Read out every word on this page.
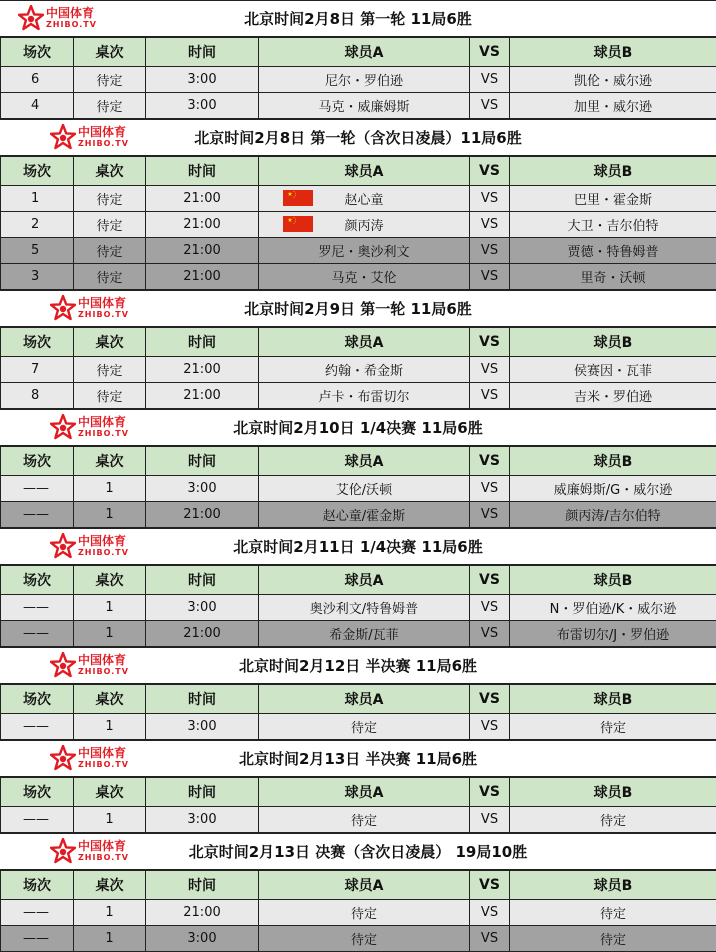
中国体育
ZHIBO.TV	北京时间2月8日 第一轮 11局6胜
场次	桌次	时间	球员A	VS	球员B
6	待定	3:00	尼尔・罗伯逊	VS	凯伦・威尔逊
4	待定	3:00	马克・威廉姆斯	VS	加里・威尔逊
中国体育
ZHIBO.TV	北京时间2月8日 第一轮（含次日凌晨）11局6胜
场次	桌次	时间	球员A	VS	球员B
1	待定	21:00	赵心童	VS	巴里・霍金斯
2	待定	21:00	颜丙涛	VS	大卫・吉尔伯特
5	待定	21:00	罗尼・奥沙利文	VS	贾德・特鲁姆普
3	待定	21:00	马克・艾伦	VS	里奇・沃顿
中国体育
ZHIBO.TV	北京时间2月9日 第一轮 11局6胜
场次	桌次	时间	球员A	VS	球员B
7	待定	21:00	约翰・希金斯	VS	侯赛因・瓦菲
8	待定	21:00	卢卡・布雷切尔	VS	吉米・罗伯逊
中国体育
ZHIBO.TV	北京时间2月10日 1/4决赛 11局6胜
场次	桌次	时间	球员A	VS	球员B
——	1	3:00	艾伦/沃顿	VS	威廉姆斯/G・威尔逊
——	1	21:00	赵心童/霍金斯	VS	颜丙涛/吉尔伯特
中国体育
ZHIBO.TV	北京时间2月11日 1/4决赛 11局6胜
场次	桌次	时间	球员A	VS	球员B
——	1	3:00	奥沙利文/特鲁姆普	VS	N・罗伯逊/K・威尔逊
——	1	21:00	希金斯/瓦菲	VS	布雷切尔/J・罗伯逊
中国体育
ZHIBO.TV	北京时间2月12日 半决赛 11局6胜
场次	桌次	时间	球员A	VS	球员B
——	1	3:00	待定	VS	待定
中国体育
ZHIBO.TV	北京时间2月13日 半决赛 11局6胜
场次	桌次	时间	球员A	VS	球员B
——	1	3:00	待定	VS	待定
中国体育
ZHIBO.TV	北京时间2月13日 决赛（含次日凌晨） 19局10胜
场次	桌次	时间	球员A	VS	球员B
——	1	21:00	待定	VS	待定
——	1	3:00	待定	VS	待定
